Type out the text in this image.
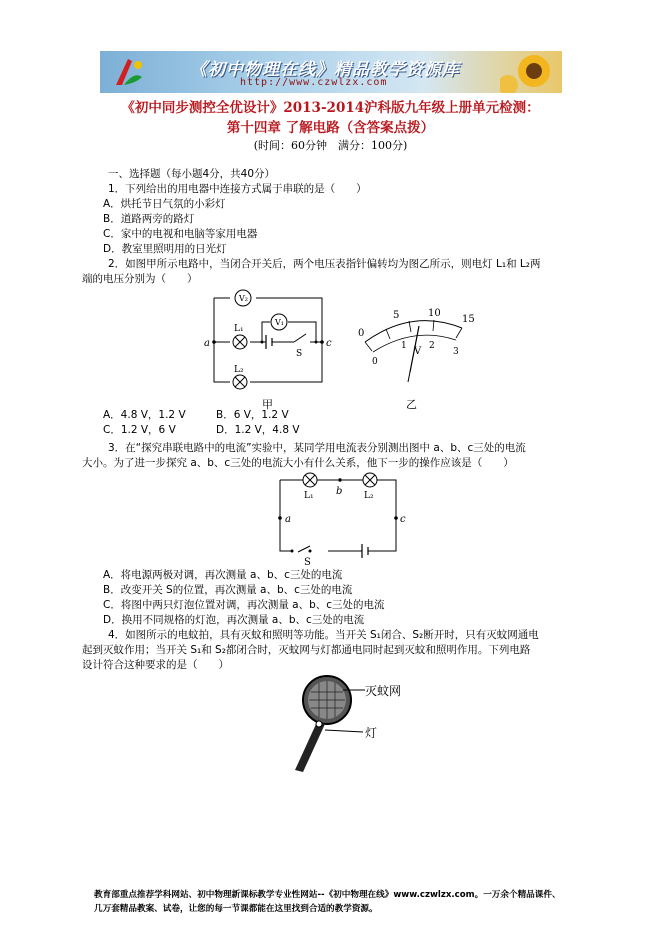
《初中物理在线》精品教学资源库
http://www.czwlzx.com
《初中同步测控全优设计》2013-2014沪科版九年级上册单元检测：
第十四章 了解电路（含答案点拨）
(时间：60分钟　满分：100分)
一、选择题（每小题4分，共40分）
1．下列给出的用电器中连接方式属于串联的是（　　）
A．烘托节日气氛的小彩灯
B．道路两旁的路灯
C．家中的电视和电脑等家用电器
D．教室里照明用的日光灯
2．如图甲所示电路中，当闭合开关后，两个电压表指针偏转均为图乙所示，则电灯 L₁和 L₂两
端的电压分别为（　　）
V₂
V₁
L₁
L₂
S
a	c
甲
0
5	10
15
0
1 2
3
V
乙
A．4.8 V，1.2 V	B．6 V，1.2 V
C．1.2 V，6 V	D．1.2 V，4.8 V
3．在“探究串联电路中的电流”实验中，某同学用电流表分别测出图中 a、b、c三处的电流
大小。为了进一步探究 a、b、c三处的电流大小有什么关系，他下一步的操作应该是（　　）
L₁	L₂
b
a	c
S
A．将电源两极对调，再次测量 a、b、c三处的电流
B．改变开关 S的位置，再次测量 a、b、c三处的电流
C．将图中两只灯泡位置对调，再次测量 a、b、c三处的电流
D．换用不同规格的灯泡，再次测量 a、b、c三处的电流
4．如图所示的电蚊拍，具有灭蚊和照明等功能。当开关 S₁闭合、S₂断开时，只有灭蚊网通电
起到灭蚊作用；当开关 S₁和 S₂都闭合时，灭蚊网与灯都通电同时起到灭蚊和照明作用。下列电路
设计符合这种要求的是（　　）
灭蚊网
灯
教育部重点推荐学科网站、初中物理新课标教学专业性网站--《初中物理在线》www.czwlzx.com。一万余个精品课件、
几万套精品教案、试卷，让您的每一节课都能在这里找到合适的教学资源。
